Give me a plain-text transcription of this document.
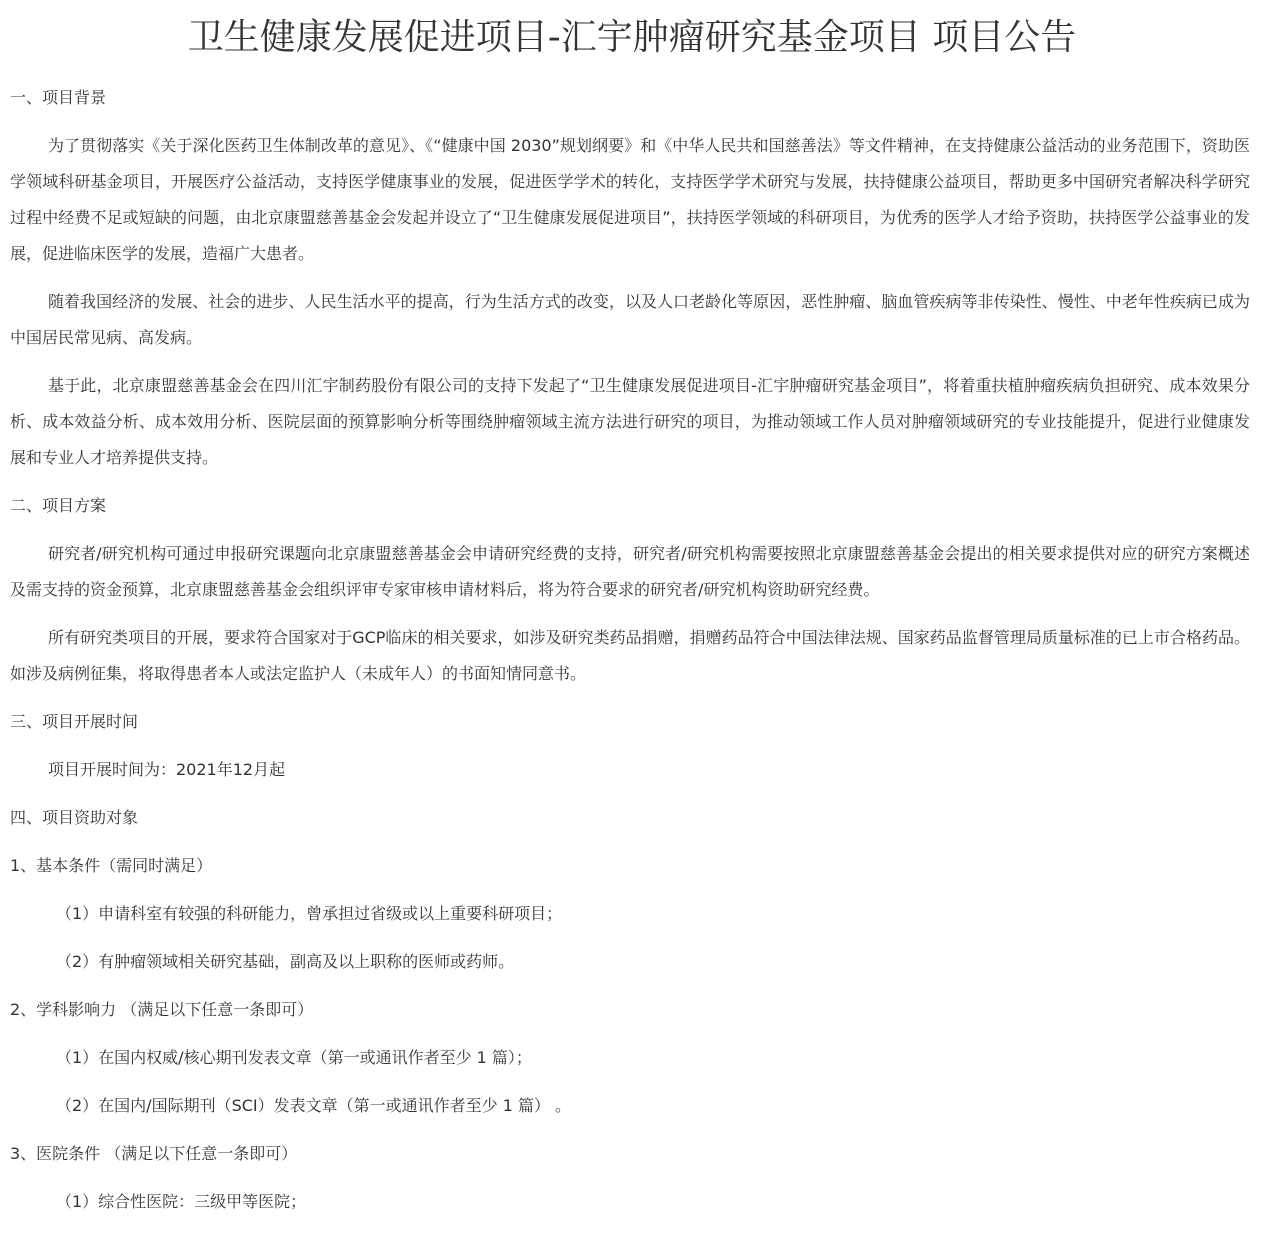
卫生健康发展促进项目-汇宇肿瘤研究基金项目 项目公告
一、项目背景

为了贯彻落实《关于深化医药卫生体制改革的意见》、《“健康中国 2030”规划纲要》和《中华人民共和国慈善法》等文件精神，在支持健康公益活动的业务范围下，资助医学领域科研基金项目，开展医疗公益活动，支持医学健康事业的发展，促进医学学术的转化，支持医学学术研究与发展，扶持健康公益项目，帮助更多中国研究者解决科学研究过程中经费不足或短缺的问题，由北京康盟慈善基金会发起并设立了“卫生健康发展促进项目”，扶持医学领域的科研项目，为优秀的医学人才给予资助，扶持医学公益事业的发展，促进临床医学的发展，造福广大患者。

随着我国经济的发展、社会的进步、人民生活水平的提高，行为生活方式的改变，以及人口老龄化等原因，恶性肿瘤、脑血管疾病等非传染性、慢性、中老年性疾病已成为中国居民常见病、高发病。

基于此，北京康盟慈善基金会在四川汇宇制药股份有限公司的支持下发起了“卫生健康发展促进项目-汇宇肿瘤研究基金项目”，将着重扶植肿瘤疾病负担研究、成本效果分析、成本效益分析、成本效用分析、医院层面的预算影响分析等围绕肿瘤领域主流方法进行研究的项目，为推动领域工作人员对肿瘤领域研究的专业技能提升，促进行业健康发展和专业人才培养提供支持。

二、项目方案

研究者/研究机构可通过申报研究课题向北京康盟慈善基金会申请研究经费的支持，研究者/研究机构需要按照北京康盟慈善基金会提出的相关要求提供对应的研究方案概述及需支持的资金预算，北京康盟慈善基金会组织评审专家审核申请材料后，将为符合要求的研究者/研究机构资助研究经费。

所有研究类项目的开展，要求符合国家对于GCP临床的相关要求，如涉及研究类药品捐赠，捐赠药品符合中国法律法规、国家药品监督管理局质量标准的已上市合格药品。如涉及病例征集，将取得患者本人或法定监护人（未成年人）的书面知情同意书。

三、项目开展时间

项目开展时间为：2021年12月起

四、项目资助对象
1、基本条件（需同时满足）
（1）申请科室有较强的科研能力，曾承担过省级或以上重要科研项目；
（2）有肿瘤领域相关研究基础，副高及以上职称的医师或药师。
2、学科影响力 （满足以下任意一条即可）
（1）在国内权威/核心期刊发表文章（第一或通讯作者至少 1 篇）；
（2）在国内/国际期刊（SCI）发表文章（第一或通讯作者至少 1 篇） 。
3、医院条件 （满足以下任意一条即可）
（1）综合性医院：三级甲等医院；
